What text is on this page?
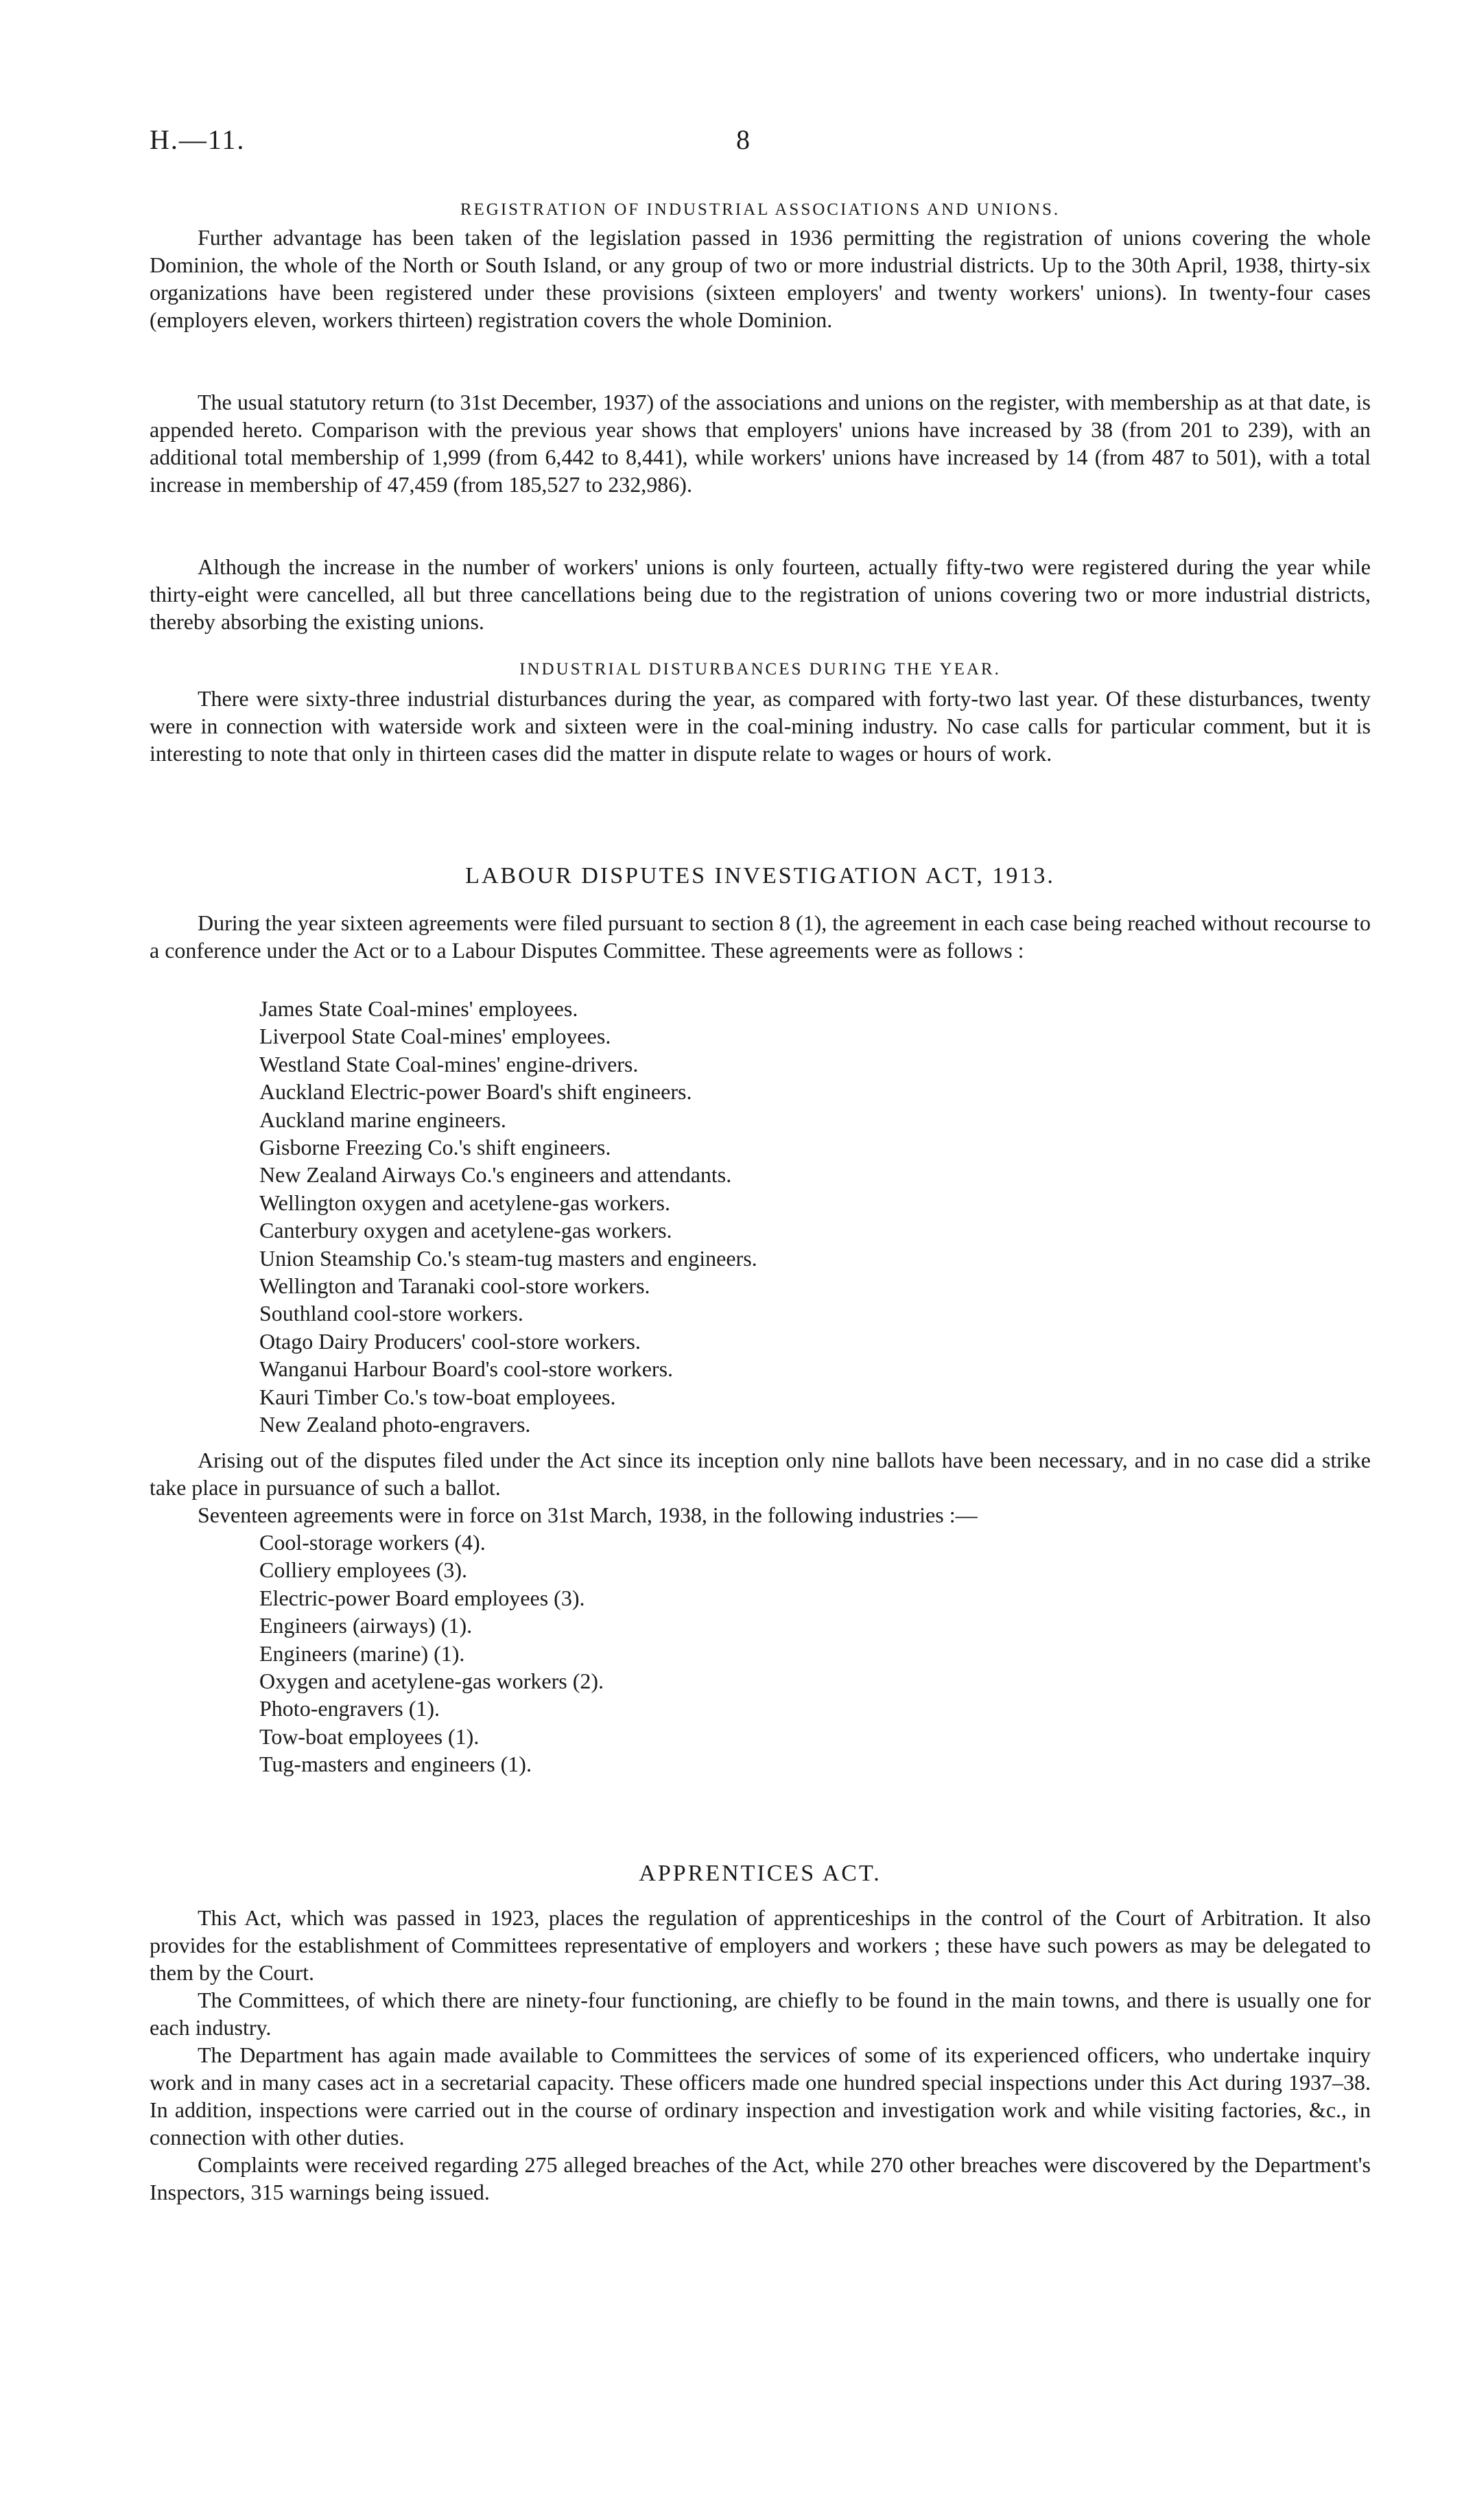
H.—11.	8
REGISTRATION OF INDUSTRIAL ASSOCIATIONS AND UNIONS.

Further advantage has been taken of the legislation passed in 1936 permitting the registration of unions covering the whole Dominion, the whole of the North or South Island, or any group of two or more industrial districts. Up to the 30th April, 1938, thirty-six organizations have been registered under these provisions (sixteen employers' and twenty workers' unions). In twenty-four cases (employers eleven, workers thirteen) registration covers the whole Dominion.

The usual statutory return (to 31st December, 1937) of the associations and unions on the register, with membership as at that date, is appended hereto. Comparison with the previous year shows that employers' unions have increased by 38 (from 201 to 239), with an additional total membership of 1,999 (from 6,442 to 8,441), while workers' unions have increased by 14 (from 487 to 501), with a total increase in membership of 47,459 (from 185,527 to 232,986).

Although the increase in the number of workers' unions is only fourteen, actually fifty-two were registered during the year while thirty-eight were cancelled, all but three cancellations being due to the registration of unions covering two or more industrial districts, thereby absorbing the existing unions.

INDUSTRIAL DISTURBANCES DURING THE YEAR.

There were sixty-three industrial disturbances during the year, as compared with forty-two last year. Of these disturbances, twenty were in connection with waterside work and sixteen were in the coal-mining industry. No case calls for particular comment, but it is interesting to note that only in thirteen cases did the matter in dispute relate to wages or hours of work.

LABOUR DISPUTES INVESTIGATION ACT, 1913.

During the year sixteen agreements were filed pursuant to section 8 (1), the agreement in each case being reached without recourse to a conference under the Act or to a Labour Disputes Committee. These agreements were as follows :

James State Coal-mines' employees.
Liverpool State Coal-mines' employees.
Westland State Coal-mines' engine-drivers.
Auckland Electric-power Board's shift engineers.
Auckland marine engineers.
Gisborne Freezing Co.'s shift engineers.
New Zealand Airways Co.'s engineers and attendants.
Wellington oxygen and acetylene-gas workers.
Canterbury oxygen and acetylene-gas workers.
Union Steamship Co.'s steam-tug masters and engineers.
Wellington and Taranaki cool-store workers.
Southland cool-store workers.
Otago Dairy Producers' cool-store workers.
Wanganui Harbour Board's cool-store workers.
Kauri Timber Co.'s tow-boat employees.
New Zealand photo-engravers.

Arising out of the disputes filed under the Act since its inception only nine ballots have been necessary, and in no case did a strike take place in pursuance of such a ballot.

Seventeen agreements were in force on 31st March, 1938, in the following industries :—

Cool-storage workers (4).
Colliery employees (3).
Electric-power Board employees (3).
Engineers (airways) (1).
Engineers (marine) (1).
Oxygen and acetylene-gas workers (2).
Photo-engravers (1).
Tow-boat employees (1).
Tug-masters and engineers (1).
APPRENTICES ACT.

This Act, which was passed in 1923, places the regulation of apprenticeships in the control of the Court of Arbitration. It also provides for the establishment of Committees representative of employers and workers ; these have such powers as may be delegated to them by the Court.

The Committees, of which there are ninety-four functioning, are chiefly to be found in the main towns, and there is usually one for each industry.

The Department has again made available to Committees the services of some of its experienced officers, who undertake inquiry work and in many cases act in a secretarial capacity. These officers made one hundred special inspections under this Act during 1937–38. In addition, inspections were carried out in the course of ordinary inspection and investigation work and while visiting factories, &c., in connection with other duties.

Complaints were received regarding 275 alleged breaches of the Act, while 270 other breaches were discovered by the Department's Inspectors, 315 warnings being issued.
